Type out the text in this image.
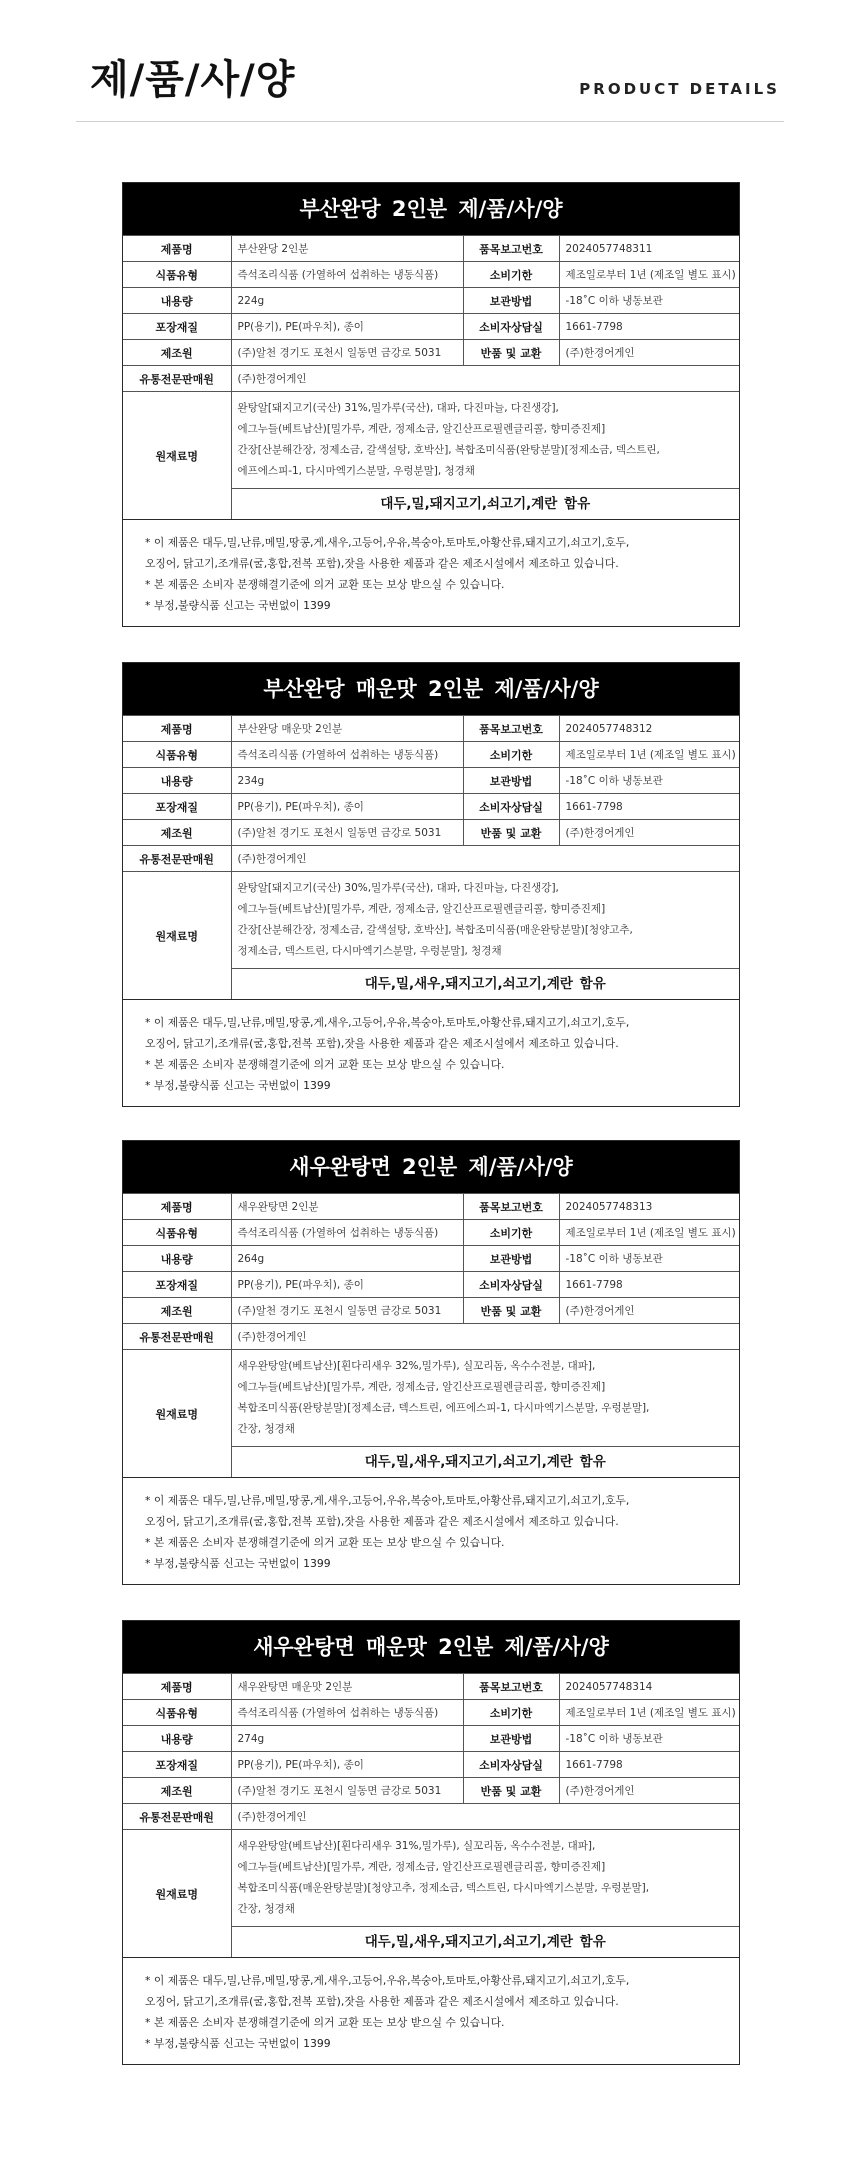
제/품/사/양	PRODUCT DETAILS
부산완당 2인분 제/품/사/양
제품명	부산완당 2인분	품목보고번호	2024057748311
식품유형	즉석조리식품 (가열하여 섭취하는 냉동식품)	소비기한	제조일로부터 1년 (제조일 별도 표시)
내용량	224g	보관방법	-18˚C 이하 냉동보관
포장재질	PP(용기), PE(파우치), 종이	소비자상담실	1661-7798
제조원	(주)알천 경기도 포천시 일동면 금강로 5031	반품 및 교환	(주)한경어게인
유통전문판매원	(주)한경어게인		
원재료명	완탕알[돼지고기(국산) 31%,밀가루(국산), 대파, 다진마늘, 다진생강],
에그누들(베트남산)[밀가루, 계란, 정제소금, 알긴산프로필렌글리콜, 향미증진제]
간장[산분해간장, 정제소금, 갈색설탕, 호박산], 복합조미식품(완탕분말)[정제소금, 덱스트린,
에프에스피-1, 다시마엑기스분말, 우렁분말], 청경채
대두,밀,돼지고기,쇠고기,계란 함유		
* 이 제품은 대두,밀,난류,메밀,땅콩,게,새우,고등어,우유,복숭아,토마토,아황산류,돼지고기,쇠고기,호두,
오징어, 닭고기,조개류(굴,홍합,전복 포함),잣을 사용한 제품과 같은 제조시설에서 제조하고 있습니다.
* 본 제품은 소비자 분쟁해결기준에 의거 교환 또는 보상 받으실 수 있습니다.
* 부정,불량식품 신고는 국번없이 1399
부산완당 매운맛 2인분 제/품/사/양
제품명	부산완당 매운맛 2인분	품목보고번호	2024057748312
식품유형	즉석조리식품 (가열하여 섭취하는 냉동식품)	소비기한	제조일로부터 1년 (제조일 별도 표시)
내용량	234g	보관방법	-18˚C 이하 냉동보관
포장재질	PP(용기), PE(파우치), 종이	소비자상담실	1661-7798
제조원	(주)알천 경기도 포천시 일동면 금강로 5031	반품 및 교환	(주)한경어게인
유통전문판매원	(주)한경어게인		
원재료명	완탕알[돼지고기(국산) 30%,밀가루(국산), 대파, 다진마늘, 다진생강],
에그누들(베트남산)[밀가루, 계란, 정제소금, 알긴산프로필렌글리콜, 향미증진제]
간장[산분해간장, 정제소금, 갈색설탕, 호박산], 복합조미식품(매운완탕분말)[청양고추,
정제소금, 덱스트린, 다시마엑기스분말, 우렁분말], 청경채
대두,밀,새우,돼지고기,쇠고기,계란 함유		
* 이 제품은 대두,밀,난류,메밀,땅콩,게,새우,고등어,우유,복숭아,토마토,아황산류,돼지고기,쇠고기,호두,
오징어, 닭고기,조개류(굴,홍합,전복 포함),잣을 사용한 제품과 같은 제조시설에서 제조하고 있습니다.
* 본 제품은 소비자 분쟁해결기준에 의거 교환 또는 보상 받으실 수 있습니다.
* 부정,불량식품 신고는 국번없이 1399
새우완탕면 2인분 제/품/사/양
제품명	새우완탕면 2인분	품목보고번호	2024057748313
식품유형	즉석조리식품 (가열하여 섭취하는 냉동식품)	소비기한	제조일로부터 1년 (제조일 별도 표시)
내용량	264g	보관방법	-18˚C 이하 냉동보관
포장재질	PP(용기), PE(파우치), 종이	소비자상담실	1661-7798
제조원	(주)알천 경기도 포천시 일동면 금강로 5031	반품 및 교환	(주)한경어게인
유통전문판매원	(주)한경어게인		
원재료명	새우완탕알(베트남산)[흰다리새우 32%,밀가루), 실꼬리돔, 옥수수전분, 대파],
에그누들(베트남산)[밀가루, 계란, 정제소금, 알긴산프로필렌글리콜, 향미증진제]
복합조미식품(완탕분말)[정제소금, 덱스트린, 에프에스피-1, 다시마엑기스분말, 우렁분말],
간장, 청경채
대두,밀,새우,돼지고기,쇠고기,계란 함유		
* 이 제품은 대두,밀,난류,메밀,땅콩,게,새우,고등어,우유,복숭아,토마토,아황산류,돼지고기,쇠고기,호두,
오징어, 닭고기,조개류(굴,홍합,전복 포함),잣을 사용한 제품과 같은 제조시설에서 제조하고 있습니다.
* 본 제품은 소비자 분쟁해결기준에 의거 교환 또는 보상 받으실 수 있습니다.
* 부정,불량식품 신고는 국번없이 1399
새우완탕면 매운맛 2인분 제/품/사/양
제품명	새우완탕면 매운맛 2인분	품목보고번호	2024057748314
식품유형	즉석조리식품 (가열하여 섭취하는 냉동식품)	소비기한	제조일로부터 1년 (제조일 별도 표시)
내용량	274g	보관방법	-18˚C 이하 냉동보관
포장재질	PP(용기), PE(파우치), 종이	소비자상담실	1661-7798
제조원	(주)알천 경기도 포천시 일동면 금강로 5031	반품 및 교환	(주)한경어게인
유통전문판매원	(주)한경어게인		
원재료명	새우완탕알(베트남산)[흰다리새우 31%,밀가루), 실꼬리돔, 옥수수전분, 대파],
에그누들(베트남산)[밀가루, 계란, 정제소금, 알긴산프로필렌글리콜, 향미증진제]
복합조미식품(매운완탕분말)[청양고추, 정제소금, 덱스트린, 다시마엑기스분말, 우렁분말],
간장, 청경채
대두,밀,새우,돼지고기,쇠고기,계란 함유		
* 이 제품은 대두,밀,난류,메밀,땅콩,게,새우,고등어,우유,복숭아,토마토,아황산류,돼지고기,쇠고기,호두,
오징어, 닭고기,조개류(굴,홍합,전복 포함),잣을 사용한 제품과 같은 제조시설에서 제조하고 있습니다.
* 본 제품은 소비자 분쟁해결기준에 의거 교환 또는 보상 받으실 수 있습니다.
* 부정,불량식품 신고는 국번없이 1399
